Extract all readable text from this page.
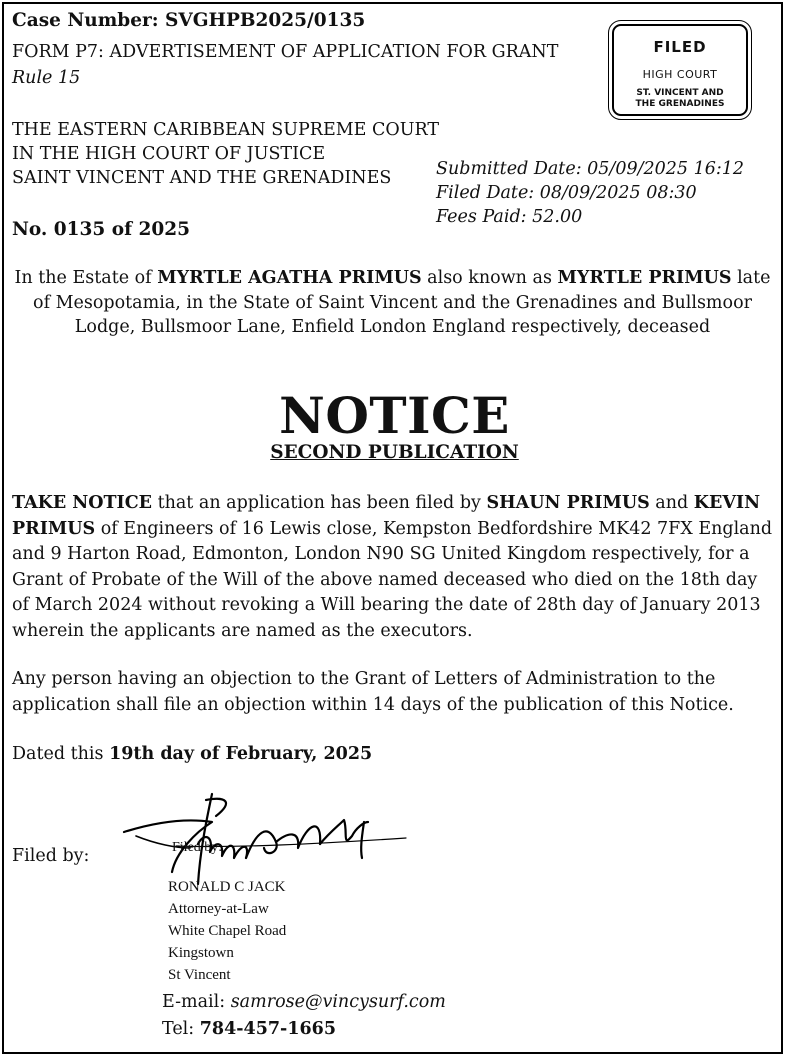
Case Number: SVGHPB2025/0135
FORM P7: ADVERTISEMENT OF APPLICATION FOR GRANT
Rule 15
FILED
HIGH COURT
ST. VINCENT AND
THE GRENADINES
THE EASTERN CARIBBEAN SUPREME COURT
IN THE HIGH COURT OF JUSTICE
SAINT VINCENT AND THE GRENADINES	Submitted Date: 05/09/2025 16:12
Filed Date: 08/09/2025 08:30
Fees Paid: 52.00
No. 0135 of 2025
In the Estate of MYRTLE AGATHA PRIMUS also known as MYRTLE PRIMUS late of Mesopotamia, in the State of Saint Vincent and the Grenadines and Bullsmoor Lodge, Bullsmoor Lane, Enfield London England respectively, deceased
NOTICE
SECOND PUBLICATION
TAKE NOTICE that an application has been filed by SHAUN PRIMUS and KEVIN PRIMUS of Engineers of 16 Lewis close, Kempston Bedfordshire MK42 7FX England and 9 Harton Road, Edmonton, London N90 SG United Kingdom respectively, for a Grant of Probate of the Will of the above named deceased who died on the 18th day of March 2024 without revoking a Will bearing the date of 28th day of January 2013 wherein the applicants are named as the executors.
Any person having an objection to the Grant of Letters of Administration to the application shall file an objection within 14 days of the publication of this Notice.
Dated this 19th day of February, 2025
Filed by:	Filed by:
RONALD C JACK
Attorney-at-Law
White Chapel Road
Kingstown
St Vincent
E-mail: samrose@vincysurf.com
Tel: 784-457-1665
